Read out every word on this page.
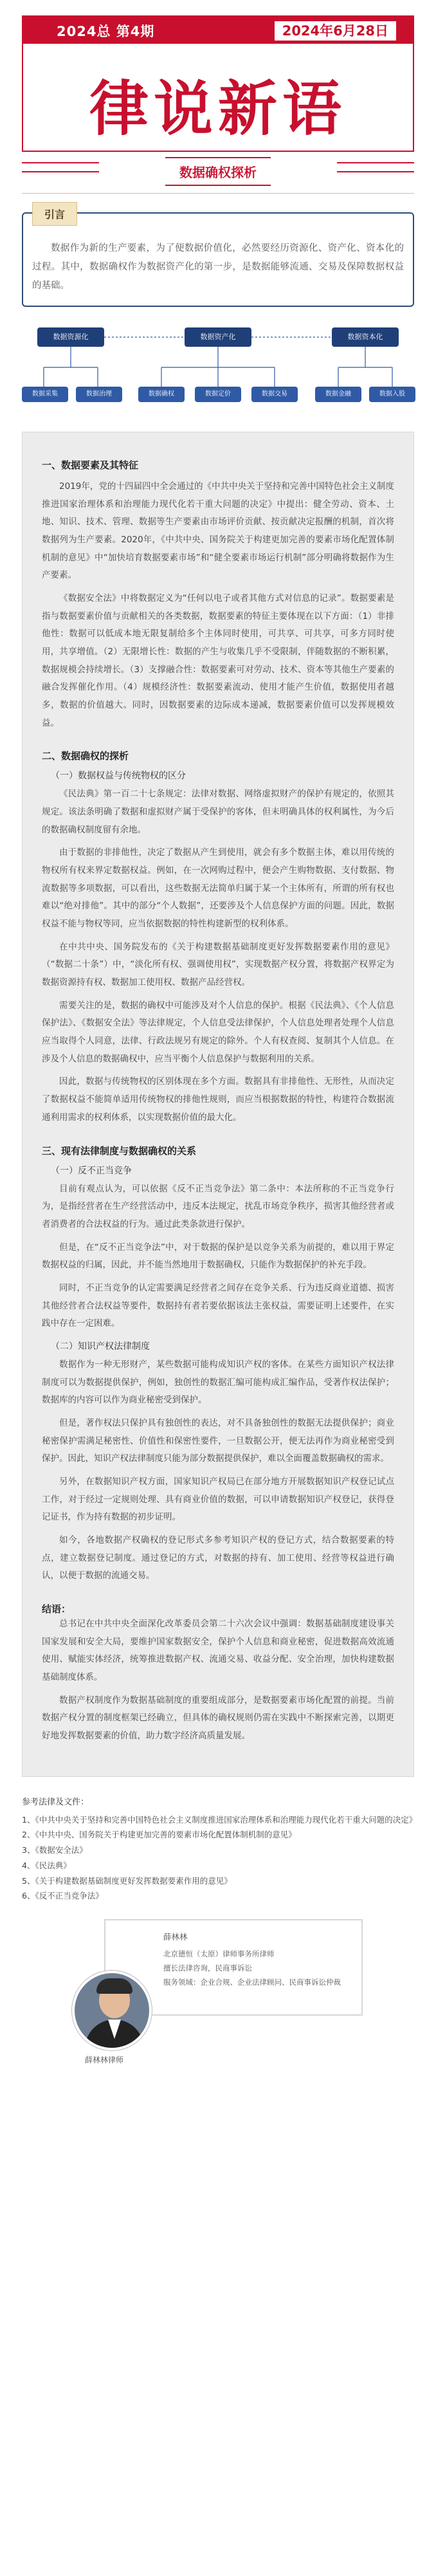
2024总 第4期	2024年6月28日
律说新语
数据确权探析
引言

数据作为新的生产要素，为了便数据价值化，必然要经历资源化、资产化、资本化的过程。其中，数据确权作为数据资产化的第一步，是数据能够流通、交易及保障数据权益的基础。

数据资源化	数据资产化	数据资本化
数据采集	数据治理	数据确权	数据定价	数据交易	数据金融	数据入股
一、数据要素及其特征

2019年，党的十四届四中全会通过的《中共中央关于坚持和完善中国特色社会主义制度推进国家治理体系和治理能力现代化若干重大问题的决定》中提出：健全劳动、资本、土地、知识、技术、管理、数据等生产要素由市场评价贡献、按贡献决定报酬的机制，首次将数据列为生产要素。2020年，《中共中央、国务院关于构建更加完善的要素市场化配置体制机制的意见》中“加快培育数据要素市场”和“健全要素市场运行机制”部分明确将数据作为生产要素。

《数据安全法》中将数据定义为“任何以电子或者其他方式对信息的记录”。数据要素是指与数据要素价值与贡献相关的各类数据，数据要素的特征主要体现在以下方面：（1）非排他性：数据可以低成本地无限复制给多个主体同时使用，可共享、可共享，可多方同时使用，共享增值。（2）无限增长性：数据的产生与收集几乎不受限制，伴随数据的不断积累，数据规模会持续增长。（3）支撑融合性：数据要素可对劳动、技术、资本等其他生产要素的融合发挥催化作用。（4）规模经济性：数据要素流动、使用才能产生价值，数据使用者越多，数据的价值越大。同时，因数据要素的边际成本递减，数据要素价值可以发挥规模效益。

二、数据确权的探析
（一）数据权益与传统物权的区分

《民法典》第一百二十七条规定：法律对数据、网络虚拟财产的保护有规定的，依照其规定。该法条明确了数据和虚拟财产属于受保护的客体，但未明确具体的权利属性，为今后的数据确权制度留有余地。

由于数据的非排他性，决定了数据从产生到使用，就会有多个数据主体，难以用传统的物权所有权来界定数据权益。例如，在一次网购过程中，便会产生购物数据、支付数据、物流数据等多项数据，可以看出，这些数据无法简单归属于某一个主体所有，所谓的所有权也难以“绝对排他”。其中的部分“个人数据”，还要涉及个人信息保护方面的问题。因此，数据权益不能与物权等同，应当依据数据的特性构建新型的权利体系。

在中共中央、国务院发布的《关于构建数据基础制度更好发挥数据要素作用的意见》（“数据二十条”）中，“淡化所有权、强调使用权”，实现数据产权分置，将数据产权界定为数据资源持有权、数据加工使用权、数据产品经营权。

需要关注的是，数据的确权中可能涉及对个人信息的保护。根据《民法典》、《个人信息保护法》、《数据安全法》等法律规定，个人信息受法律保护，个人信息处理者处理个人信息应当取得个人同意，法律、行政法规另有规定的除外。个人有权查阅、复制其个人信息。在涉及个人信息的数据确权中，应当平衡个人信息保护与数据利用的关系。

因此，数据与传统物权的区别体现在多个方面。数据具有非排他性、无形性，从而决定了数据权益不能简单适用传统物权的排他性规则，而应当根据数据的特性，构建符合数据流通利用需求的权利体系，以实现数据价值的最大化。

三、现有法律制度与数据确权的关系
（一）反不正当竞争

目前有观点认为，可以依据《反不正当竞争法》第二条中：本法所称的不正当竞争行为，是指经营者在生产经营活动中，违反本法规定，扰乱市场竞争秩序，损害其他经营者或者消费者的合法权益的行为。通过此类条款进行保护。

但是，在“反不正当竞争法”中，对于数据的保护是以竞争关系为前提的，难以用于界定数据权益的归属，因此，并不能当然地用于数据确权，只能作为数据保护的补充手段。

同时，不正当竞争的认定需要满足经营者之间存在竞争关系、行为违反商业道德、损害其他经营者合法权益等要件，数据持有者若要依据该法主张权益，需要证明上述要件，在实践中存在一定困难。

（二）知识产权法律制度

数据作为一种无形财产，某些数据可能构成知识产权的客体。在某些方面知识产权法律制度可以为数据提供保护，例如，独创性的数据汇编可能构成汇编作品，受著作权法保护；数据库的内容可以作为商业秘密受到保护。

但是，著作权法只保护具有独创性的表达，对不具备独创性的数据无法提供保护；商业秘密保护需满足秘密性、价值性和保密性要件，一旦数据公开，便无法再作为商业秘密受到保护。因此，知识产权法律制度只能为部分数据提供保护，难以全面覆盖数据确权的需求。

另外，在数据知识产权方面，国家知识产权局已在部分地方开展数据知识产权登记试点工作，对于经过一定规则处理、具有商业价值的数据，可以申请数据知识产权登记，获得登记证书，作为持有数据的初步证明。

如今，各地数据产权确权的登记形式多参考知识产权的登记方式，结合数据要素的特点，建立数据登记制度。通过登记的方式，对数据的持有、加工使用、经营等权益进行确认，以便于数据的流通交易。

结语：

总书记在中共中央全面深化改革委员会第二十六次会议中强调：数据基础制度建设事关国家发展和安全大局，要维护国家数据安全，保护个人信息和商业秘密，促进数据高效流通使用、赋能实体经济，统筹推进数据产权、流通交易、收益分配、安全治理，加快构建数据基础制度体系。

数据产权制度作为数据基础制度的重要组成部分，是数据要素市场化配置的前提。当前数据产权分置的制度框架已经确立，但具体的确权规则仍需在实践中不断探索完善，以期更好地发挥数据要素的价值，助力数字经济高质量发展。

参考法律及文件：
1、《中共中央关于坚持和完善中国特色社会主义制度推进国家治理体系和治理能力现代化若干重大问题的决定》
2、《中共中央、国务院关于构建更加完善的要素市场化配置体制机制的意见》
3、《数据安全法》
4、《民法典》
5、《关于构建数据基础制度更好发挥数据要素作用的意见》
6、《反不正当竞争法》
薛林林
北京德恒（太原）律师事务所律师
擅长法律咨询，民商事诉讼
服务领域：企业合规、企业法律顾问、民商事诉讼仲裁
薛林林律师
